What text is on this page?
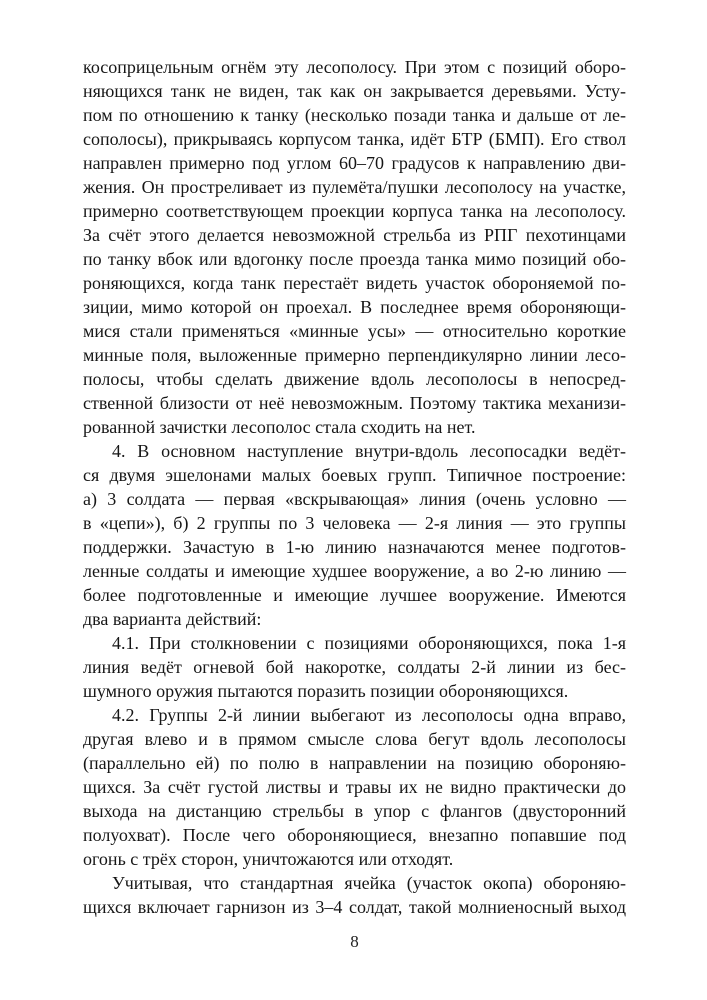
косоприцельным огнём эту лесополосу. При этом с позиций оборо-
няющихся танк не виден, так как он закрывается деревьями. Усту-
пом по отношению к танку (несколько позади танка и дальше от ле-
сополосы), прикрываясь корпусом танка, идёт БТР (БМП). Его ствол
направлен примерно под углом 60–70 градусов к направлению дви-
жения. Он простреливает из пулемёта/пушки лесополосу на участке,
примерно соответствующем проекции корпуса танка на лесополосу.
За счёт этого делается невозможной стрельба из РПГ пехотинцами
по танку вбок или вдогонку после проезда танка мимо позиций обо-
роняющихся, когда танк перестаёт видеть участок обороняемой по-
зиции, мимо которой он проехал. В последнее время обороняющи-
мися стали применяться «минные усы» — относительно короткие
минные поля, выложенные примерно перпендикулярно линии лесо-
полосы, чтобы сделать движение вдоль лесополосы в непосред-
ственной близости от неё невозможным. Поэтому тактика механизи-
рованной зачистки лесополос стала сходить на нет.
4. В основном наступление внутри-вдоль лесопосадки ведёт-
ся двумя эшелонами малых боевых групп. Типичное построение:
а) 3 солдата — первая «вскрывающая» линия (очень условно —
в «цепи»), б) 2 группы по 3 человека — 2-я линия — это группы
поддержки. Зачастую в 1-ю линию назначаются менее подготов-
ленные солдаты и имеющие худшее вооружение, а во 2-ю линию —
более подготовленные и имеющие лучшее вооружение. Имеются
два варианта действий:
4.1. При столкновении с позициями обороняющихся, пока 1-я
линия ведёт огневой бой накоротке, солдаты 2-й линии из бес-
шумного оружия пытаются поразить позиции обороняющихся.
4.2. Группы 2-й линии выбегают из лесополосы одна вправо,
другая влево и в прямом смысле слова бегут вдоль лесополосы
(параллельно ей) по полю в направлении на позицию обороняю-
щихся. За счёт густой листвы и травы их не видно практически до
выхода на дистанцию стрельбы в упор с флангов (двусторонний
полуохват). После чего обороняющиеся, внезапно попавшие под
огонь с трёх сторон, уничтожаются или отходят.
Учитывая, что стандартная ячейка (участок окопа) обороняю-
щихся включает гарнизон из 3–4 солдат, такой молниеносный выход
8
